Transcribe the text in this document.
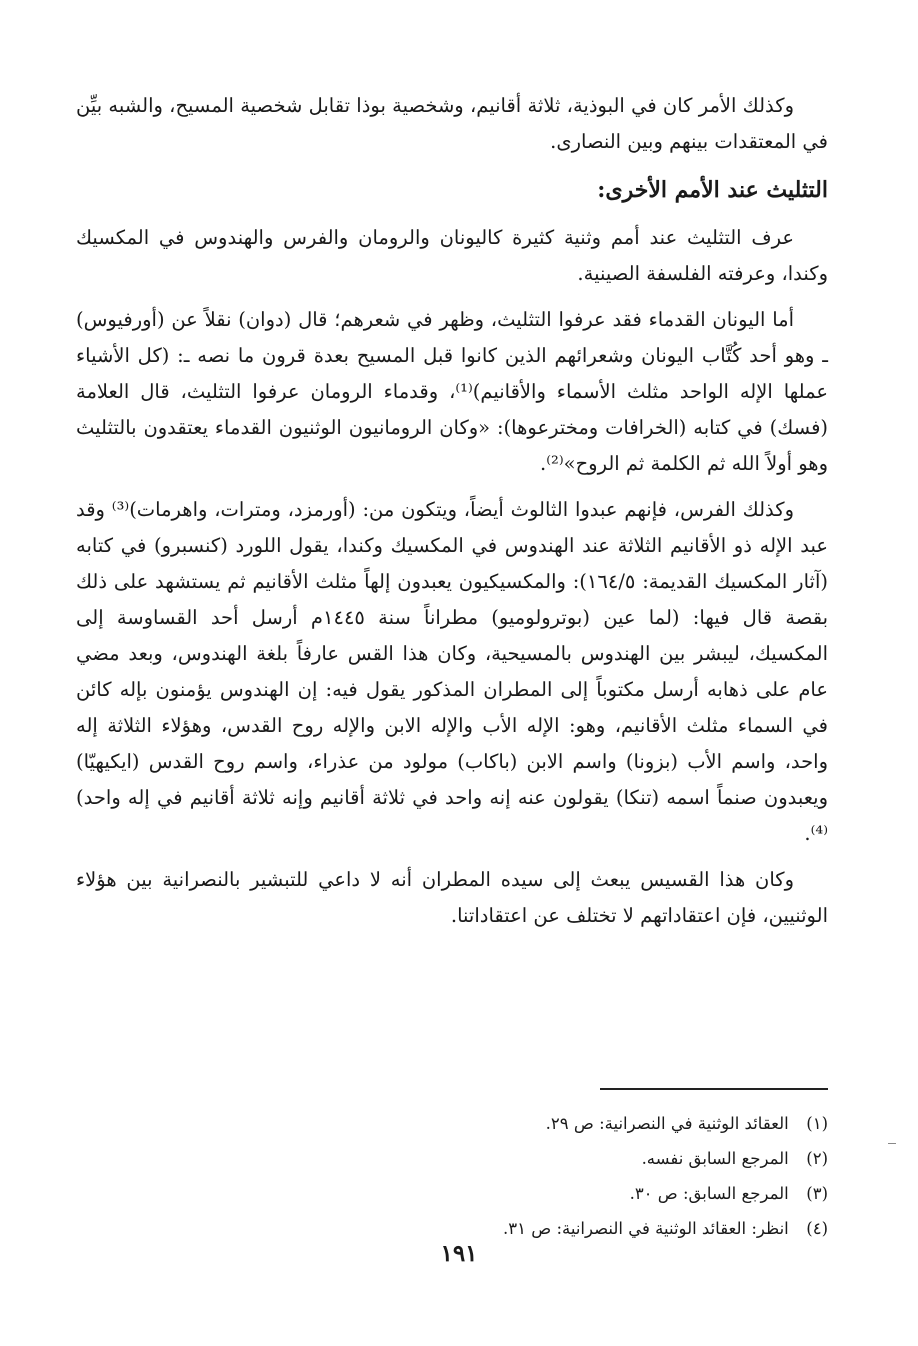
وكذلك الأمر كان في البوذية، ثلاثة أقانيم، وشخصية بوذا تقابل شخصية المسيح، والشبه بيِّن في المعتقدات بينهم وبين النصارى.

التثليث عند الأمم الأخرى:

عرف التثليث عند أمم وثنية كثيرة كاليونان والرومان والفرس والهندوس في المكسيك وكندا، وعرفته الفلسفة الصينية.

أما اليونان القدماء فقد عرفوا التثليث، وظهر في شعرهم؛ قال (دوان) نقلاً عن (أورفيوس) ـ وهو أحد كُتَّاب اليونان وشعرائهم الذين كانوا قبل المسيح بعدة قرون ما نصه ـ: (كل الأشياء عملها الإله الواحد مثلث الأسماء والأقانيم)⁽¹⁾، وقدماء الرومان عرفوا التثليث، قال العلامة (فسك) في كتابه (الخرافات ومخترعوها): «وكان الرومانيون الوثنيون القدماء يعتقدون بالتثليث وهو أولاً الله ثم الكلمة ثم الروح»⁽²⁾.

وكذلك الفرس، فإنهم عبدوا الثالوث أيضاً، ويتكون من: (أورمزد، ومترات، واهرمات)⁽³⁾ وقد عبد الإله ذو الأقانيم الثلاثة عند الهندوس في المكسيك وكندا، يقول اللورد (كنسبرو) في كتابه (آثار المكسيك القديمة: ١٦٤/٥): والمكسيكيون يعبدون إلهاً مثلث الأقانيم ثم يستشهد على ذلك بقصة قال فيها: (لما عين (بوترولوميو) مطراناً سنة ١٤٤٥م أرسل أحد القساوسة إلى المكسيك، ليبشر بين الهندوس بالمسيحية، وكان هذا القس عارفاً بلغة الهندوس، وبعد مضي عام على ذهابه أرسل مكتوباً إلى المطران المذكور يقول فيه: إن الهندوس يؤمنون بإله كائن في السماء مثلث الأقانيم، وهو: الإله الأب والإله الابن والإله روح القدس، وهؤلاء الثلاثة إله واحد، واسم الأب (بزونا) واسم الابن (باكاب) مولود من عذراء، واسم روح القدس (ايكيهيّا) ويعبدون صنماً اسمه (تنكا) يقولون عنه إنه واحد في ثلاثة أقانيم وإنه ثلاثة أقانيم في إله واحد)⁽⁴⁾.

وكان هذا القسيس يبعث إلى سيده المطران أنه لا داعي للتبشير بالنصرانية بين هؤلاء الوثنيين، فإن اعتقاداتهم لا تختلف عن اعتقاداتنا.

(١) العقائد الوثنية في النصرانية: ص ٢٩.
(٢) المرجع السابق نفسه.
(٣) المرجع السابق: ص ٣٠.
(٤) انظر: العقائد الوثنية في النصرانية: ص ٣١.
١٩١
